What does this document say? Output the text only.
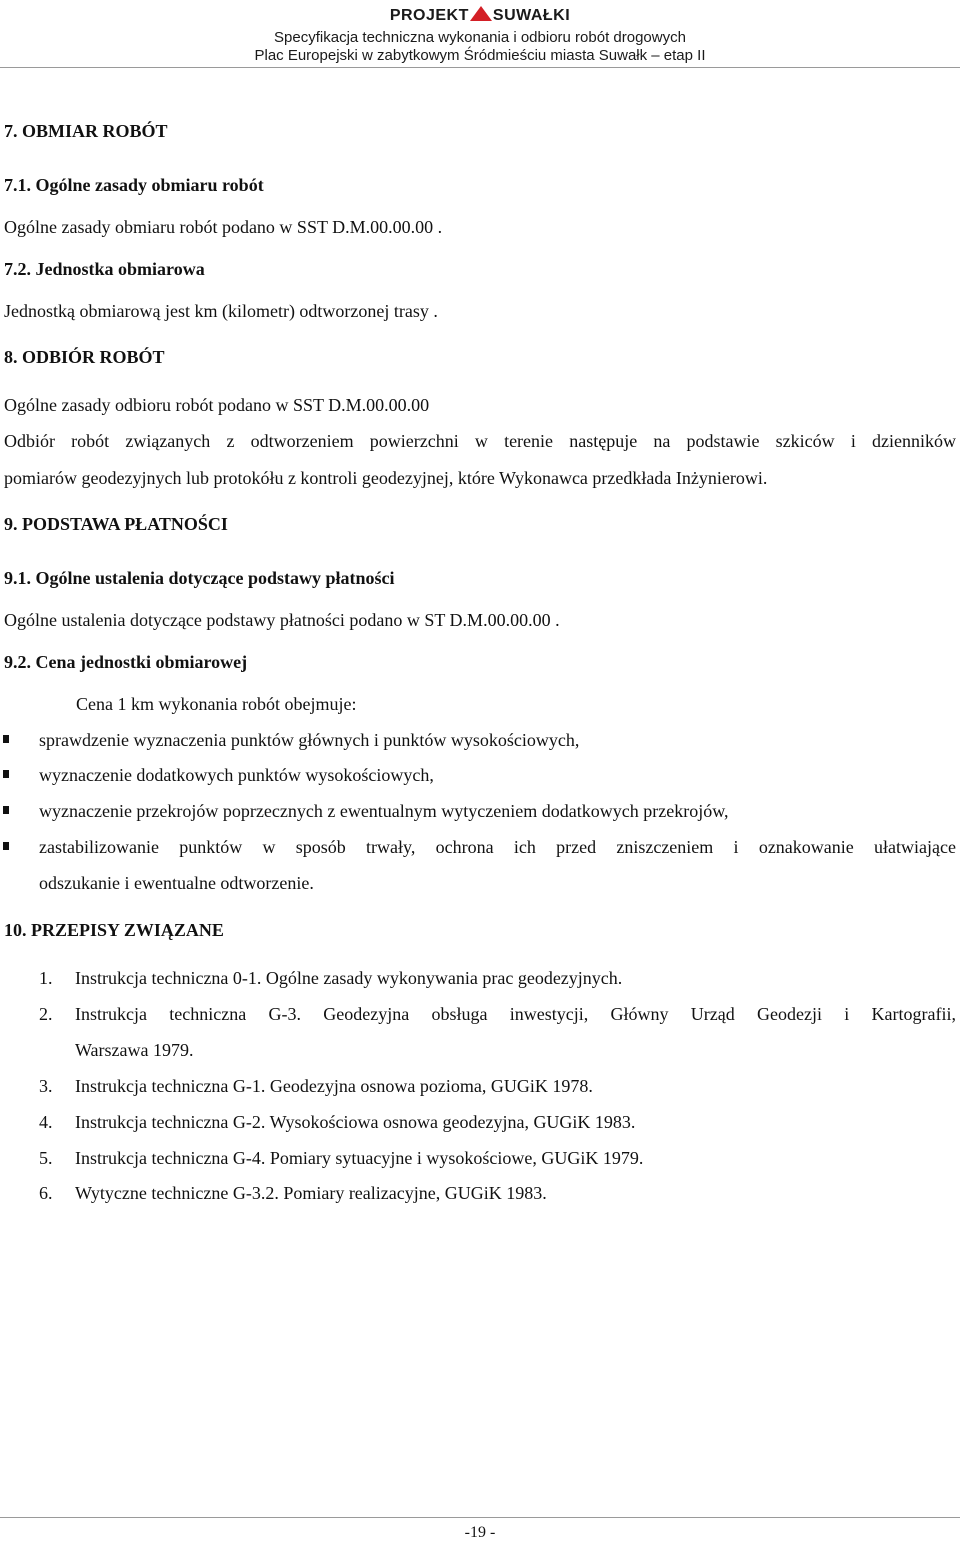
PROJEKT SUWAŁKI
Specyfikacja techniczna wykonania i odbioru robót drogowych
Plac Europejski w zabytkowym Śródmieściu miasta Suwałk – etap II
7. OBMIAR ROBÓT
7.1. Ogólne zasady obmiaru robót
Ogólne zasady obmiaru robót podano w SST D.M.00.00.00 .
7.2. Jednostka obmiarowa
Jednostką obmiarową jest km (kilometr) odtworzonej trasy .
8. ODBIÓR ROBÓT
Ogólne zasady odbioru robót podano w SST D.M.00.00.00
Odbiór robót związanych z odtworzeniem powierzchni w terenie następuje na podstawie szkiców i dzienników
pomiarów geodezyjnych lub protokółu z kontroli geodezyjnej, które Wykonawca przedkłada Inżynierowi.
9. PODSTAWA PŁATNOŚCI
9.1. Ogólne ustalenia dotyczące podstawy płatności
Ogólne ustalenia dotyczące podstawy płatności podano w ST D.M.00.00.00 .
9.2. Cena jednostki obmiarowej
Cena 1 km wykonania robót obejmuje:
sprawdzenie wyznaczenia punktów głównych i punktów wysokościowych,
wyznaczenie dodatkowych punktów wysokościowych,
wyznaczenie przekrojów poprzecznych z ewentualnym wytyczeniem dodatkowych przekrojów,
zastabilizowanie punktów w sposób trwały, ochrona ich przed zniszczeniem i oznakowanie ułatwiające
odszukanie i ewentualne odtworzenie.
10. PRZEPISY ZWIĄZANE
1. Instrukcja techniczna 0-1. Ogólne zasady wykonywania prac geodezyjnych.
2. Instrukcja techniczna G-3. Geodezyjna obsługa inwestycji, Główny Urząd Geodezji i Kartografii,
Warszawa 1979.
3. Instrukcja techniczna G-1. Geodezyjna osnowa pozioma, GUGiK 1978.
4. Instrukcja techniczna G-2. Wysokościowa osnowa geodezyjna, GUGiK 1983.
5. Instrukcja techniczna G-4. Pomiary sytuacyjne i wysokościowe, GUGiK 1979.
6. Wytyczne techniczne G-3.2. Pomiary realizacyjne, GUGiK 1983.
-19 -
